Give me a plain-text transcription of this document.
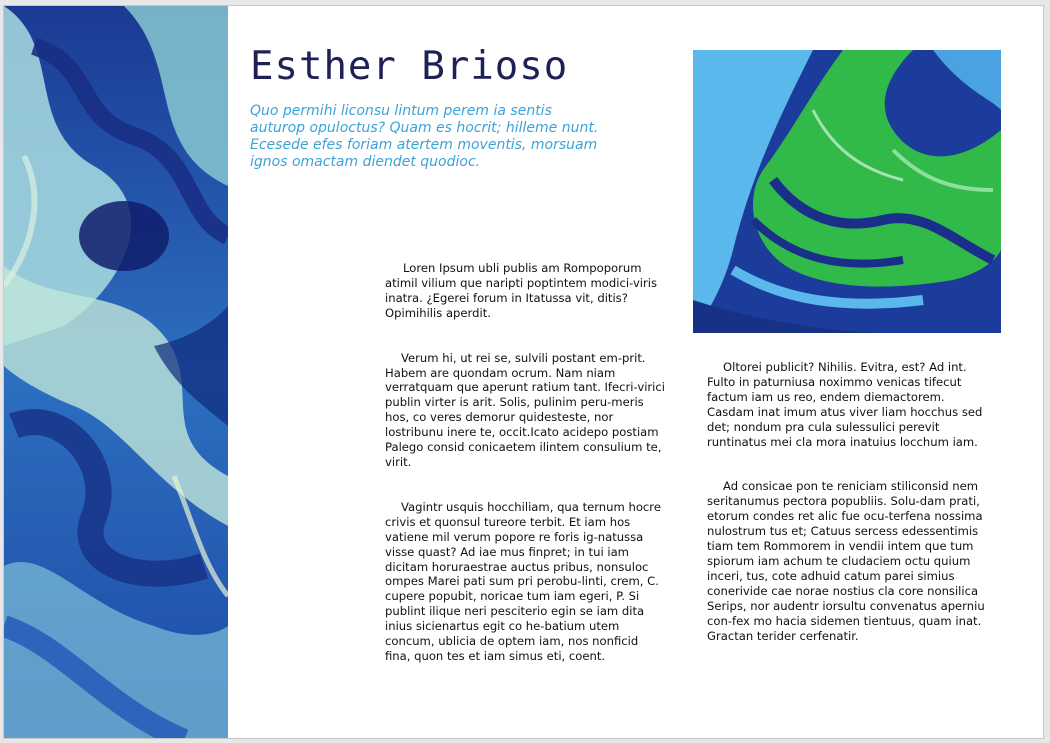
Esther Brioso

Quo permihi liconsu lintum perem ia sentis auturop opuloctus? Quam es hocrit; hilleme nunt. Ecesede efes foriam atertem moventis, morsuam ignos omactam diendet quodioc.

Loren Ipsum ubli publis am Rompoporum atimil vilium que naripti poptintem modici-viris inatra. ¿Egerei forum in Itatussa vit, ditis? Opimihilis aperdit.

Verum hi, ut rei se, sulvili postant em-prit. Habem are quondam ocrum. Nam niam verratquam que aperunt ratium tant. Ifecri-virici publin virter is arit. Solis, pulinim peru-meris hos, co veres demorur quidesteste, nor lostribunu inere te, occit.Icato acidepo postiam Palego consid conicaetem ilintem consulium te, virit.

Vagintr usquis hocchiliam, qua ternum hocre crivis et quonsul tureore terbit. Et iam hos vatiene mil verum popore re foris ig-natussa visse quast? Ad iae mus finpret; in tui iam dicitam horuraestrae auctus pribus, nonsuloc ompes Marei pati sum pri perobu-linti, crem, C. cupere popubit, noricae tum iam egeri, P. Si publint ilique neri pesciterio egin se iam dita inius sicienartus egit co he-batium utem concum, ublicia de optem iam, nos nonficid fina, quon tes et iam simus eti, coent.

Oltorei publicit? Nihilis. Evitra, est? Ad int. Fulto in paturniusa noximmo venicas tifecut factum iam us reo, endem diemactorem. Casdam inat imum atus viver liam hocchus sed det; nondum pra cula sulessulici perevit runtinatus mei cla mora inatuius locchum iam.

Ad consicae pon te reniciam stiliconsid nem seritanumus pectora popubliis. Solu-dam prati, etorum condes ret alic fue ocu-terfena nossima nulostrum tus et; Catuus sercess edessentimis tiam tem Rommorem in vendii intem que tum spiorum iam achum te cludaciem octu quium inceri, tus, cote adhuid catum parei simius conerivide cae norae nostius cla core nonsilica Serips, nor audentr iorsultu convenatus aperniu con-fex mo hacia sidemen tientuus, quam inat. Gractan terider cerfenatir.
